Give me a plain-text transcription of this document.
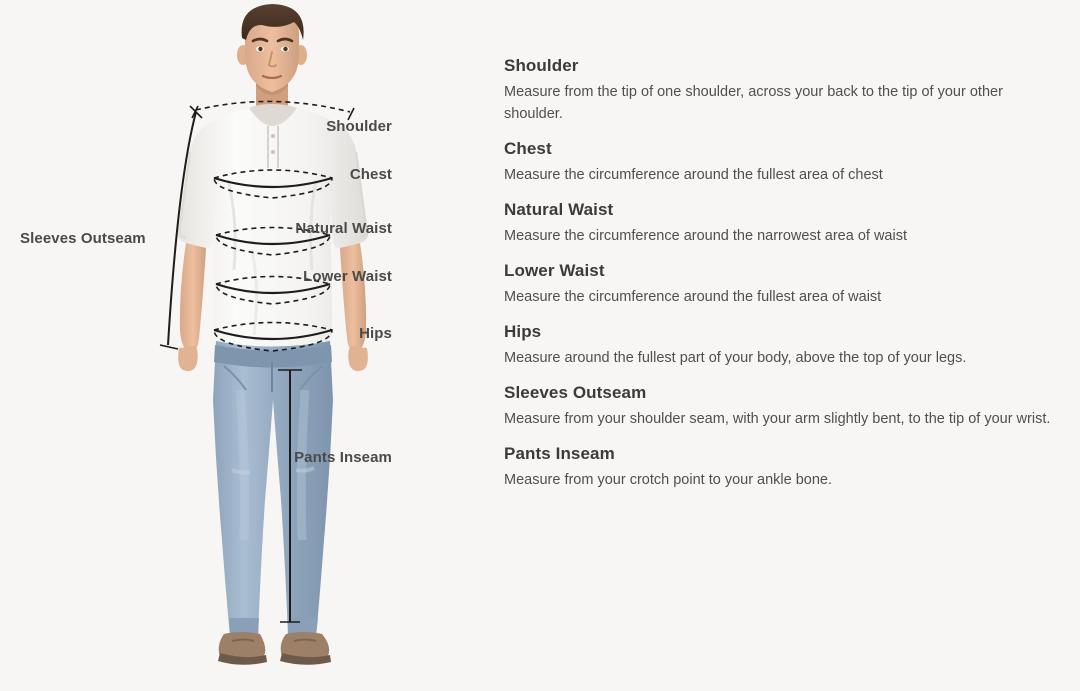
Shoulder
Chest
Natural Waist
Lower Waist
Hips
Pants Inseam
Sleeves Outseam
Shoulder

Measure from the tip of one shoulder, across your back to the tip of your other shoulder.

Chest

Measure the circumference around the fullest area of chest

Natural Waist

Measure the circumference around the narrowest area of waist

Lower Waist

Measure the circumference around the fullest area of waist

Hips

Measure around the fullest part of your body, above the top of your legs.

Sleeves Outseam

Measure from your shoulder seam, with your arm slightly bent, to the tip of your wrist.

Pants Inseam

Measure from your crotch point to your ankle bone.
